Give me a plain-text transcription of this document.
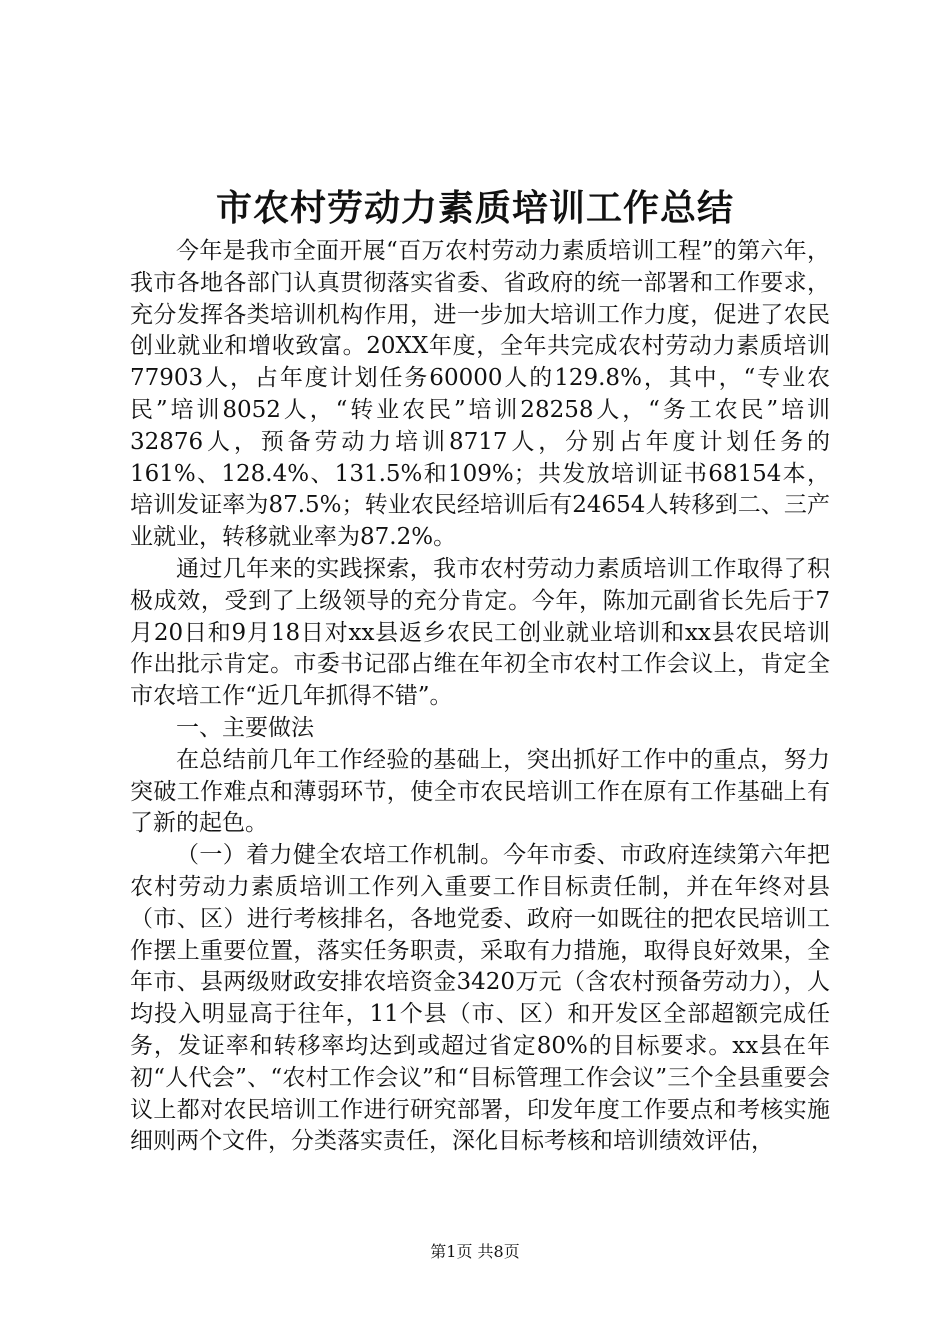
市农村劳动力素质培训工作总结

今年是我市全面开展“百万农村劳动力素质培训工程”的第六年，我市各地各部门认真贯彻落实省委、省政府的统一部署和工作要求，充分发挥各类培训机构作用，进一步加大培训工作力度，促进了农民创业就业和增收致富。20XX年度，全年共完成农村劳动力素质培训77903人，占年度计划任务60000人的129.8%，其中，“专业农民”培训8052人，“转业农民”培训28258人，“务工农民”培训32876人，预备劳动力培训8717人，分别占年度计划任务的161%、128.4%、131.5%和109%；共发放培训证书68154本，培训发证率为87.5%；转业农民经培训后有24654人转移到二、三产业就业，转移就业率为87.2%。

通过几年来的实践探索，我市农村劳动力素质培训工作取得了积极成效，受到了上级领导的充分肯定。今年，陈加元副省长先后于7月20日和9月18日对xx县返乡农民工创业就业培训和xx县农民培训作出批示肯定。市委书记邵占维在年初全市农村工作会议上，肯定全市农培工作“近几年抓得不错”。

一、主要做法

在总结前几年工作经验的基础上，突出抓好工作中的重点，努力突破工作难点和薄弱环节，使全市农民培训工作在原有工作基础上有了新的起色。

（一）着力健全农培工作机制。今年市委、市政府连续第六年把农村劳动力素质培训工作列入重要工作目标责任制，并在年终对县（市、区）进行考核排名，各地党委、政府一如既往的把农民培训工作摆上重要位置，落实任务职责，采取有力措施，取得良好效果，全年市、县两级财政安排农培资金3420万元（含农村预备劳动力），人均投入明显高于往年，11个县（市、区）和开发区全部超额完成任务，发证率和转移率均达到或超过省定80%的目标要求。xx县在年初“人代会”、“农村工作会议”和“目标管理工作会议”三个全县重要会议上都对农民培训工作进行研究部署，印发年度工作要点和考核实施细则两个文件，分类落实责任，深化目标考核和培训绩效评估，

第1页 共8页
